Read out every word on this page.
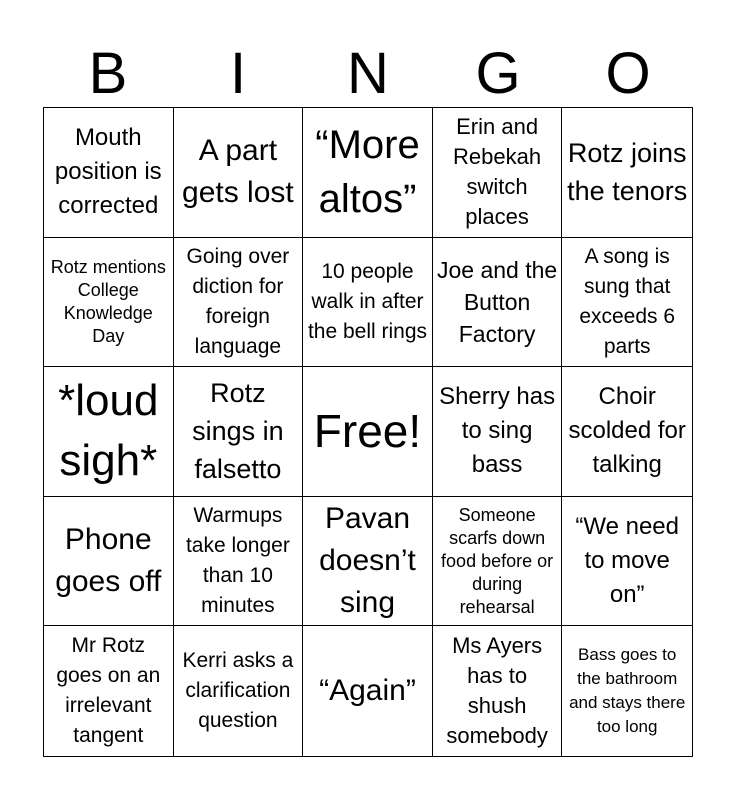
B	I	N	G	O
Mouth position is corrected
A part gets lost
“More altos”
Erin and Rebekah switch places
Rotz joins the tenors
Rotz mentions College Knowledge Day
Going over diction for foreign language
10 people walk in after the bell rings
Joe and the Button Factory
A song is sung that exceeds 6 parts
*loud sigh*
Rotz sings in falsetto
Free!
Sherry has to sing bass
Choir scolded for talking
Phone goes off
Warmups take longer than 10 minutes
Pavan doesn’t sing
Someone scarfs down food before or during rehearsal
“We need to move on”
Mr Rotz goes on an irrelevant tangent
Kerri asks a clarification question
“Again”
Ms Ayers has to shush somebody
Bass goes to the bathroom and stays there too long
